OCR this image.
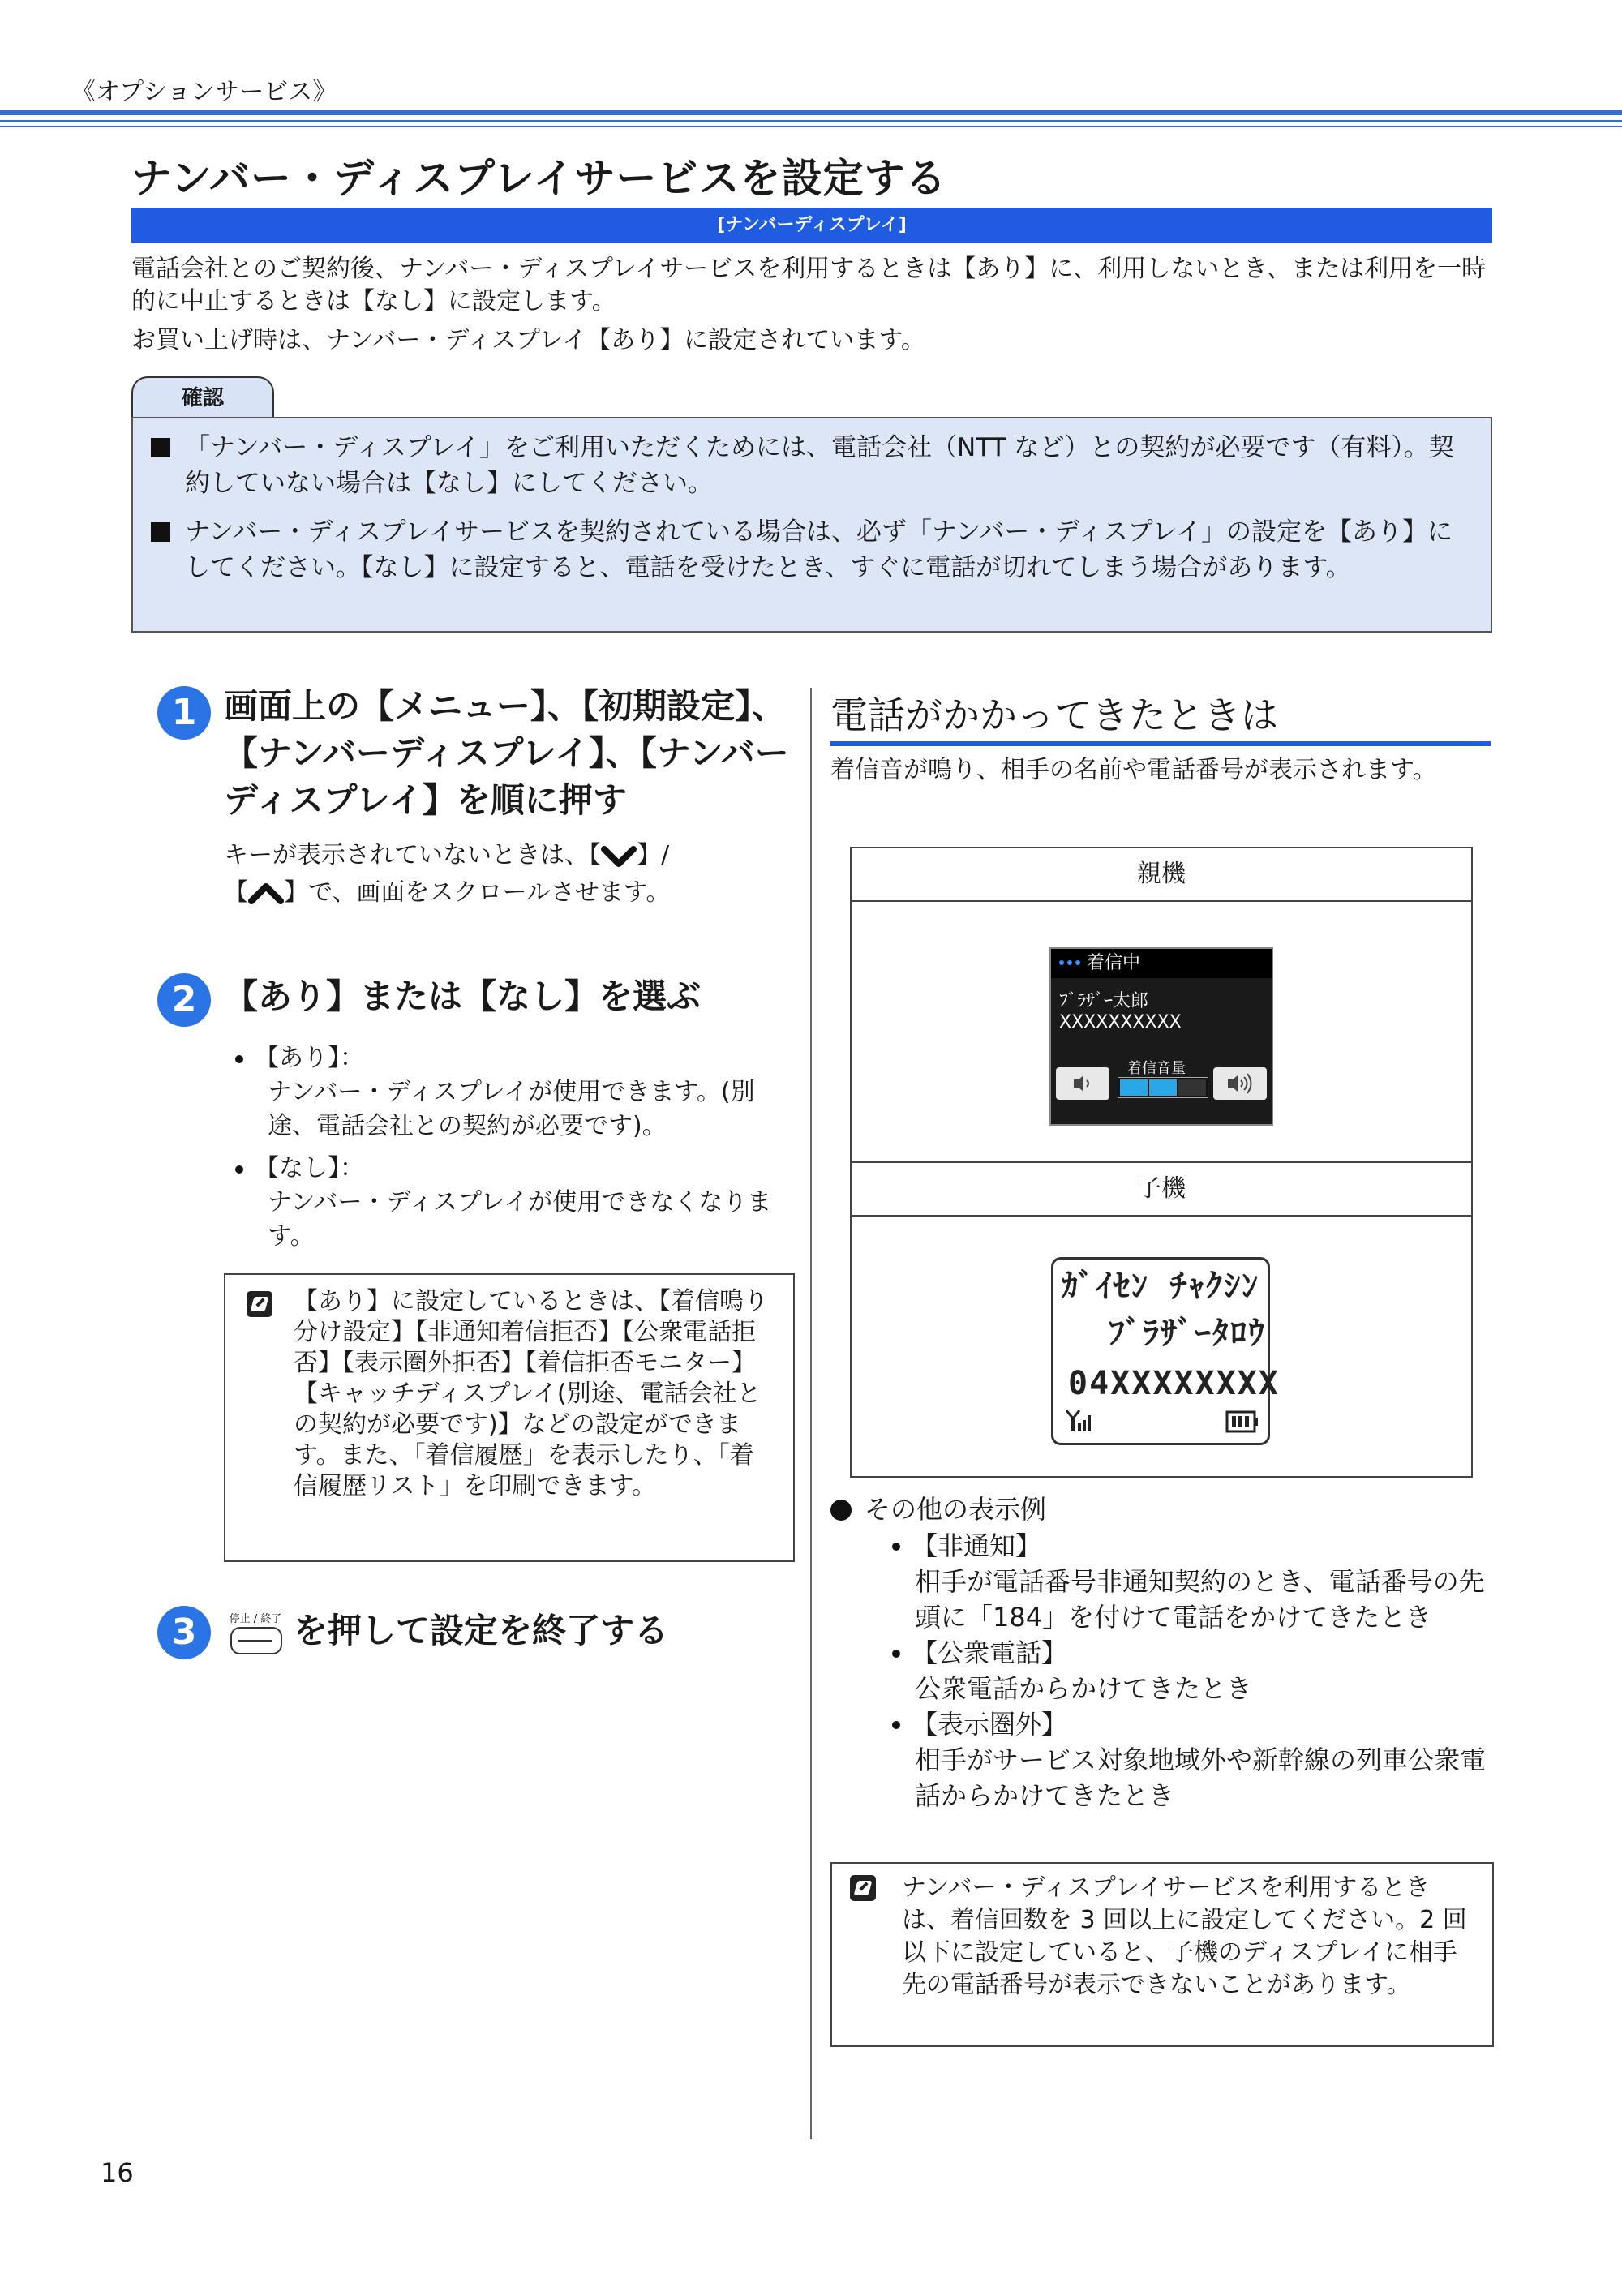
《オプションサービス》
ナンバー・ディスプレイサービスを設定する
[ナンバーディスプレイ]

電話会社とのご契約後、ナンバー・ディスプレイサービスを利用するときは【あり】に、利用しないとき、または利用を一時的に中止するときは【なし】に設定します。

お買い上げ時は、ナンバー・ディスプレイ【あり】に設定されています。

確認
「ナンバー・ディスプレイ」をご利用いただくためには、電話会社（NTT など）との契約が必要です（有料）。契約していない場合は【なし】にしてください。
ナンバー・ディスプレイサービスを契約されている場合は、必ず「ナンバー・ディスプレイ」の設定を【あり】にしてください。【なし】に設定すると、電話を受けたとき、すぐに電話が切れてしまう場合があります。
1 画面上の【メニュー】、【初期設定】、【ナンバーディスプレイ】、【ナンバーディスプレイ】を順に押す
キーが表示されていないときは、【 】/
【 】で、画面をスクロールさせます。
2 【あり】または【なし】を選ぶ
【あり】：
ナンバー・ディスプレイが使用できます。(別途、電話会社との契約が必要です)。
【なし】：
ナンバー・ディスプレイが使用できなくなります。
【あり】に設定しているときは、【着信鳴り分け設定】【非通知着信拒否】【公衆電話拒否】【表示圏外拒否】【着信拒否モニター】【キャッチディスプレイ(別途、電話会社との契約が必要です)】などの設定ができます。また、「着信履歴」を表示したり、「着信履歴リスト」を印刷できます。
3	停止 / 終了 を押して設定を終了する
電話がかかってきたときは
着信音が鳴り、相手の名前や電話番号が表示されます。
親機
着信中
ﾌﾞﾗｻﾞｰ太郎
XXXXXXXXXX
着信音量
子機
ｶﾞｲｾﾝ ﾁｬｸｼﾝ
ﾌﾞﾗｻﾞｰﾀﾛｳ
04XXXXXXXX
その他の表示例
【非通知】
相手が電話番号非通知契約のとき、電話番号の先頭に「184」を付けて電話をかけてきたとき
【公衆電話】
公衆電話からかけてきたとき
【表示圏外】
相手がサービス対象地域外や新幹線の列車公衆電話からかけてきたとき
ナンバー・ディスプレイサービスを利用するときは、着信回数を 3 回以上に設定してください。2 回以下に設定していると、子機のディスプレイに相手先の電話番号が表示できないことがあります。
16
